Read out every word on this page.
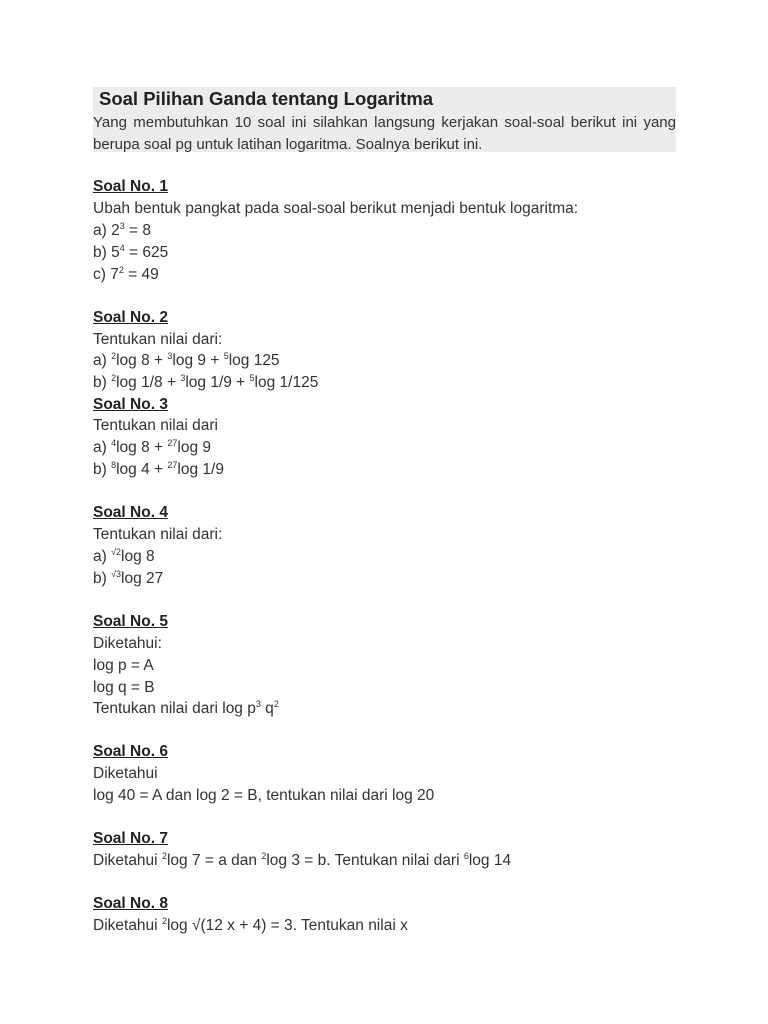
Soal Pilihan Ganda tentang Logaritma

Yang membutuhkan 10 soal ini silahkan langsung kerjakan soal-soal berikut ini yang berupa soal pg untuk latihan logaritma. Soalnya berikut ini.

Soal No. 1
Ubah bentuk pangkat pada soal-soal berikut menjadi bentuk logaritma:
a) $2^3 = 8$
b) $5^4 = 625$
c) $7^2 = 49$
Soal No. 2
Tentukan nilai dari:
a) $^2$log 8 + $^3$log 9 + $^5$log 125
b) $^2$log 1/8 + $^3$log 1/9 + $^5$log 1/125
Soal No. 3
Tentukan nilai dari
a) $^4$log 8 + $^{27}$log 9
b) $^8$log 4 + $^{27}$log 1/9
Soal No. 4
Tentukan nilai dari:
a) $^{√2}$log 8
b) $^{√3}$log 27
Soal No. 5
Diketahui:
log p = A
log q = B
Tentukan nilai dari $\log p^3$ $q^2$
Soal No. 6
Diketahui
log 40 = A dan log 2 = B, tentukan nilai dari log 20
Soal No. 7
Diketahui $^2$log 7 = a dan $^2$log 3 = b. Tentukan nilai dari $^6$log 14
Soal No. 8
Diketahui $^2$log √(12 x + 4) = 3. Tentukan nilai x
